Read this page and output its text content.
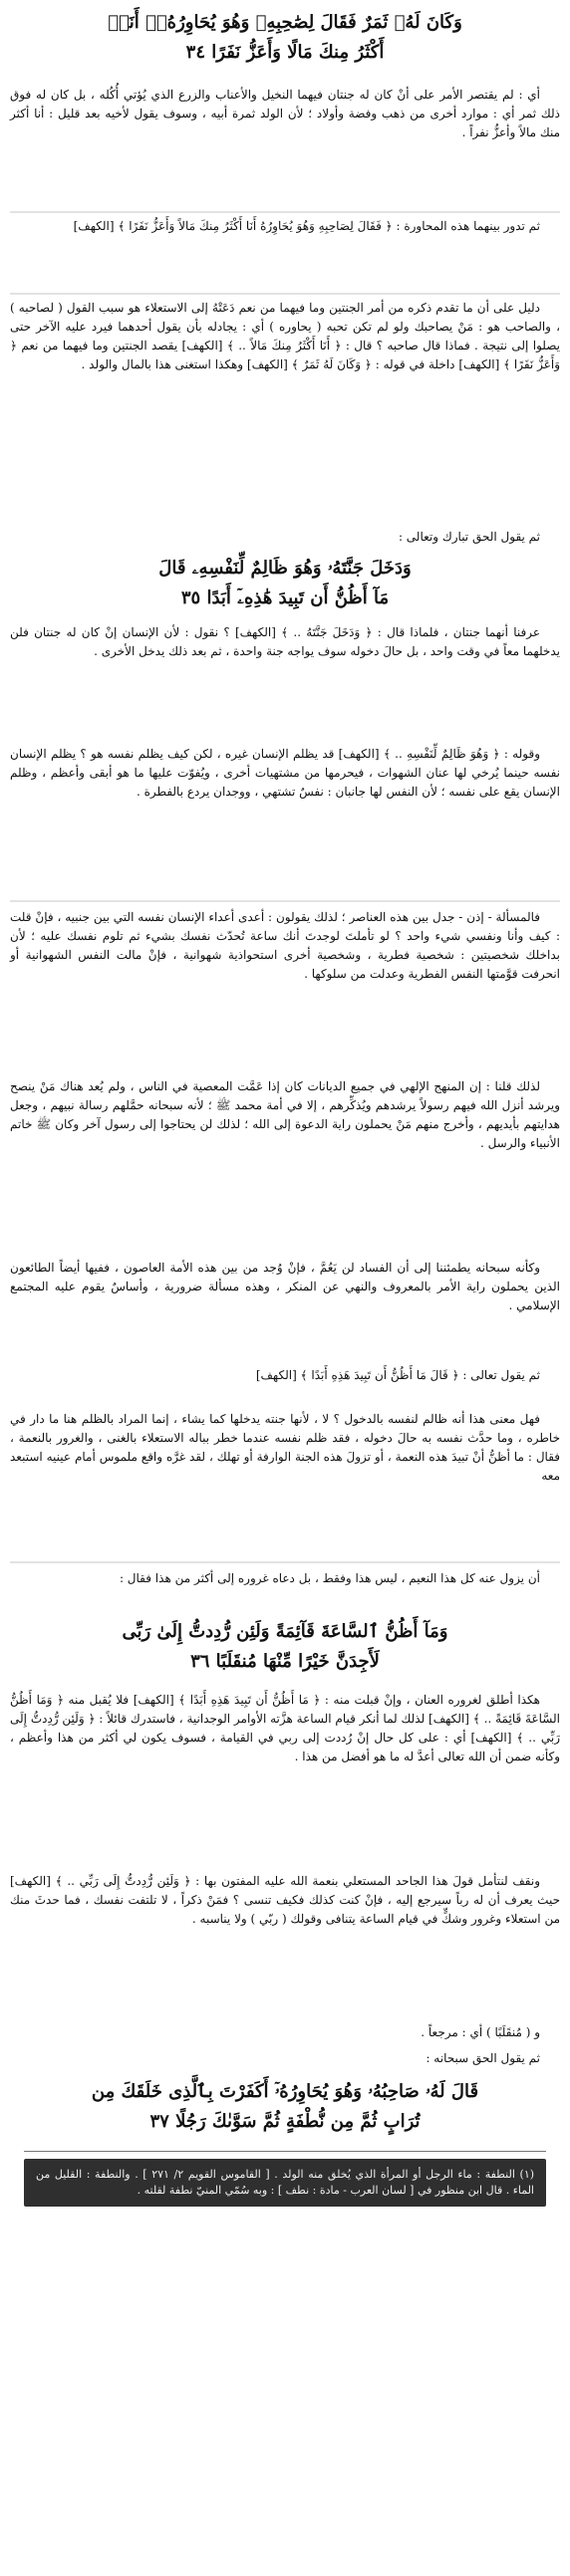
وَكَانَ لَهُۥ ثَمَرٌ فَقَالَ لِصَٰحِبِهِۦ وَهُوَ يُحَاوِرُهُۥٓ أَنَا۠
أَكْثَرُ مِنكَ مَالًا وَأَعَزُّ نَفَرًا ٣٤

أي : لم يقتصر الأمر على أنْ كان له جنتان فيهما النخيل والأعناب والزرع الذي يُؤتي أُكُله ، بل كان له فوق ذلك ثمر أي : موارد أخرى من ذهب وفضة وأولاد ؛ لأن الولد ثمرة أبيه ، وسوف يقول لأخيه بعد قليل : أنا أكثر منك مالاً وأعزُّ نفراً .

ثم تدور بينهما هذه المحاورة : ﴿ فَقَالَ لِصَاحِبِهِ وَهُوَ يُحَاوِرُهُ أَنَا أَكْثَرُ مِنكَ مَالاً وَأَعَزُّ نَفَرًا ﴾ [الكهف]

دليل على أن ما تقدم ذكره من أمر الجنتين وما فيهما من نعم دَعَتْهُ إلى الاستعلاء هو سبب القول ( لصاحبه ) ، والصاحب هو : مَنْ يصاحبك ولو لم تكن تحبه ( يحاوره ) أي : يجادله بأن يقول أحدهما فيرد عليه الآخر حتى يصلوا إلى نتيجة . فماذا قال صاحبه ؟ قال : ﴿ أَنَا أَكْثَرُ مِنكَ مَالاً .. ﴾ [الكهف] يقصد الجنتين وما فيهما من نعم ﴿ وَأَعَزُّ نَفَرًا ﴾ [الكهف] داخلة في قوله : ﴿ وَكَانَ لَهُ ثَمَرٌ ﴾ [الكهف] وهكذا استغنى هذا بالمال والولد .

ثم يقول الحق تبارك وتعالى :

وَدَخَلَ جَنَّتَهُۥ وَهُوَ ظَالِمٌ لِّنَفْسِهِۦ قَالَ
مَآ أَظُنُّ أَن تَبِيدَ هَٰذِهِۦٓ أَبَدًا ٣٥

عرفنا أنهما جنتان ، فلماذا قال : ﴿ وَدَخَلَ جَنَّتَهُ .. ﴾ [الكهف] ؟ نقول : لأن الإنسان إنْ كان له جنتان فلن يدخلهما معاً في وقت واحد ، بل حالَ دخوله سوف يواجه جنة واحدة ، ثم بعد ذلك يدخل الأخرى .

وقوله : ﴿ وَهُوَ ظَالِمٌ لِّنَفْسِهِ .. ﴾ [الكهف] قد يظلم الإنسان غيره ، لكن كيف يظلم نفسه هو ؟ يظلم الإنسان نفسه حينما يُرخي لها عنان الشهوات ، فيحرمها من مشتهيات أخرى ، ويُفوّت عليها ما هو أبقى وأعظم ، وظلم الإنسان يقع على نفسه ؛ لأن النفس لها جانبان : نفسٌ تشتهي ، ووجدان يردع بالفطرة .

فالمسألة - إذن - جدل بين هذه العناصر ؛ لذلك يقولون : أعدى أعداء الإنسان نفسه التي بين جنبيه ، فإنْ قلت : كيف وأنا ونفسي شيء واحد ؟ لو تأملتَ لوجدتَ أنك ساعة تُحدّث نفسك بشيء ثم تلوم نفسك عليه ؛ لأن بداخلك شخصيتين : شخصية فطرية ، وشخصية أخرى استحواذية شهوانية ، فإنْ مالت النفس الشهوانية أو انحرفت قوَّمتها النفس الفطرية وعدلت من سلوكها .

لذلك قلنا : إن المنهج الإلهي في جميع الديانات كان إذا عَمَّت المعصية في الناس ، ولم يُعد هناك مَنْ ينصح ويرشد أنزل الله فيهم رسولاً يرشدهم ويُذكِّرهم ، إلا في أمة محمد ﷺ ؛ لأنه سبحانه حمَّلهم رسالة نبيهم ، وجعل هدايتهم بأيديهم ، وأخرج منهم مَنْ يحملون راية الدعوة إلى الله ؛ لذلك لن يحتاجوا إلى رسول آخر وكان ﷺ خاتم الأنبياء والرسل .

وكأنه سبحانه يطمئننا إلى أن الفساد لن يَعُمَّ ، فإنْ وُجد من بين هذه الأمة العاصون ، ففيها أيضاً الطائعون الذين يحملون راية الأمر بالمعروف والنهي عن المنكر ، وهذه مسألة ضرورية ، وأساسٌ يقوم عليه المجتمع الإسلامي .

ثم يقول تعالى : ﴿ قَالَ مَا أَظُنُّ أَن تَبِيدَ هَذِهِ أَبَدًا ﴾ [الكهف]

فهل معنى هذا أنه ظالم لنفسه بالدخول ؟ لا ، لأنها جنته يدخلها كما يشاء ، إنما المراد بالظلم هنا ما دار في خاطره ، وما حدَّث نفسه به حالَ دخوله ، فقد ظلم نفسه عندما خطر بباله الاستعلاء بالغنى ، والغرور بالنعمة ، فقال : ما أظنُّ أنْ تبيدَ هذه النعمة ، أو تزولَ هذه الجنة الوارفة أو تهلك ، لقد غرَّه واقع ملموس أمام عينيه استبعد معه

أن يزول عنه كل هذا النعيم ، ليس هذا وفقط ، بل دعاه غروره إلى أكثر من هذا فقال :

وَمَآ أَظُنُّ ٱلسَّاعَةَ قَآئِمَةً وَلَئِن رُّدِدتُّ إِلَىٰ رَبِّى
لَأَجِدَنَّ خَيْرًا مِّنْهَا مُنقَلَبًا ٣٦

هكذا أطلق لغروره العنان ، وإنْ قبلت منه : ﴿ مَا أَظُنُّ أَن تَبِيدَ هَذِهِ أَبَدًا ﴾ [الكهف] فلا يُقبل منه ﴿ وَمَا أَظُنُّ السَّاعَةَ قَائِمَةً .. ﴾ [الكهف] لذلك لما أنكر قيام الساعة هزَّته الأوامر الوجدانية ، فاستدرك قائلاً : ﴿ وَلَئِن رُّدِدتُّ إِلَى رَبِّي .. ﴾ [الكهف] أي : على كل حال إنْ رُددت إلى ربي في القيامة ، فسوف يكون لي أكثر من هذا وأعظم ، وكأنه ضمن أن الله تعالى أعدَّ له ما هو أفضل من هذا .

ونقف لنتأمل قولَ هذا الجاحد المستعلي بنعمة الله عليه المفتون بها : ﴿ وَلَئِن رُّدِدتُّ إِلَى رَبِّي .. ﴾ [الكهف] حيث يعرف أن له رباً سيرجع إليه ، فإنْ كنت كذلك فكيف تنسى ؟ فمَنْ ذكراً ، لا تلتفت نفسك ، فما حدثَ منك من استعلاء وغرور وشكٍّ في قيام الساعة يتنافى وقولك ( ربّي ) ولا يناسبه .

و ( مُنقَلَبًا ) أي : مرجعاً .

ثم يقول الحق سبحانه :

قَالَ لَهُۥ صَاحِبُهُۥ وَهُوَ يُحَاوِرُهُۥٓ أَكَفَرْتَ بِٱلَّذِى خَلَقَكَ مِن
تُرَابٍ ثُمَّ مِن نُّطْفَةٍ ثُمَّ سَوَّىٰكَ رَجُلًا ٣٧
(١) النطفة : ماء الرجل أو المرأة الذي يُخلق منه الولد . [ القاموس القويم ٢/ ٢٧١ ] . والنطفة : القليل من الماء . قال ابن منظور في [ لسان العرب - مادة : نطف ] : وبه سُمّي المنيّ نطفة لقلته .
